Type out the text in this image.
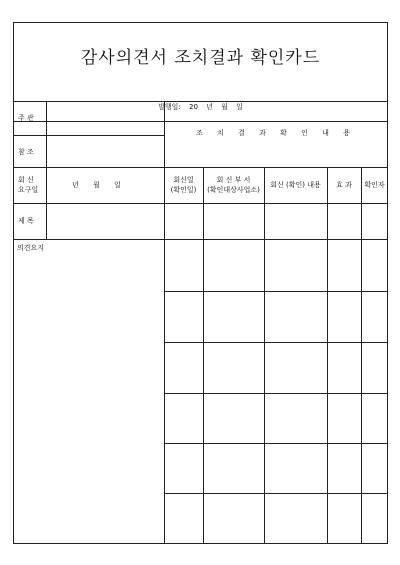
감사의견서 조치결과 확인카드
발행일: 20 년 월 일
주 관
참 조
회 신
요구일
년 월 일
제 목
의견요지
조 치 결 과 확 인 내 용
회신일
(확인일)
회 신 부 서
(확인대상사업소)
회신 (확인) 내용	효 과	확인자
